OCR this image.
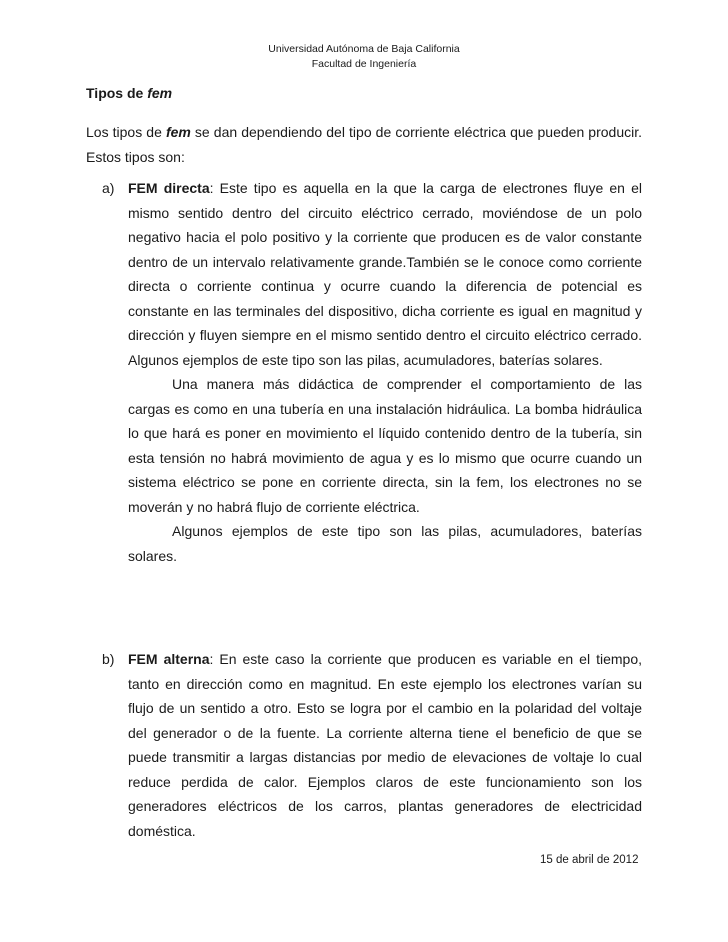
Universidad Autónoma de Baja California
Facultad de Ingeniería
Tipos de fem
Los tipos de fem se dan dependiendo del tipo de corriente eléctrica que pueden producir. Estos tipos son:
a) FEM directa: Este tipo es aquella en la que la carga de electrones fluye en el mismo sentido dentro del circuito eléctrico cerrado, moviéndose de un polo negativo hacia el polo positivo y la corriente que producen es de valor constante dentro de un intervalo relativamente grande.También se le conoce como corriente directa o corriente continua y ocurre cuando la diferencia de potencial es constante en las terminales del dispositivo, dicha corriente es igual en magnitud y dirección y fluyen siempre en el mismo sentido dentro el circuito eléctrico cerrado. Algunos ejemplos de este tipo son las pilas, acumuladores, baterías solares.

Una manera más didáctica de comprender el comportamiento de las cargas es como en una tubería en una instalación hidráulica. La bomba hidráulica lo que hará es poner en movimiento el líquido contenido dentro de la tubería, sin esta tensión no habrá movimiento de agua y es lo mismo que ocurre cuando un sistema eléctrico se pone en corriente directa, sin la fem, los electrones no se moverán y no habrá flujo de corriente eléctrica.

Algunos ejemplos de este tipo son las pilas, acumuladores, baterías solares.

b) FEM alterna: En este caso la corriente que producen es variable en el tiempo, tanto en dirección como en magnitud. En este ejemplo los electrones varían su flujo de un sentido a otro. Esto se logra por el cambio en la polaridad del voltaje del generador o de la fuente. La corriente alterna tiene el beneficio de que se puede transmitir a largas distancias por medio de elevaciones de voltaje lo cual reduce perdida de calor. Ejemplos claros de este funcionamiento son los generadores eléctricos de los carros, plantas generadores de electricidad doméstica.

15 de abril de 2012
